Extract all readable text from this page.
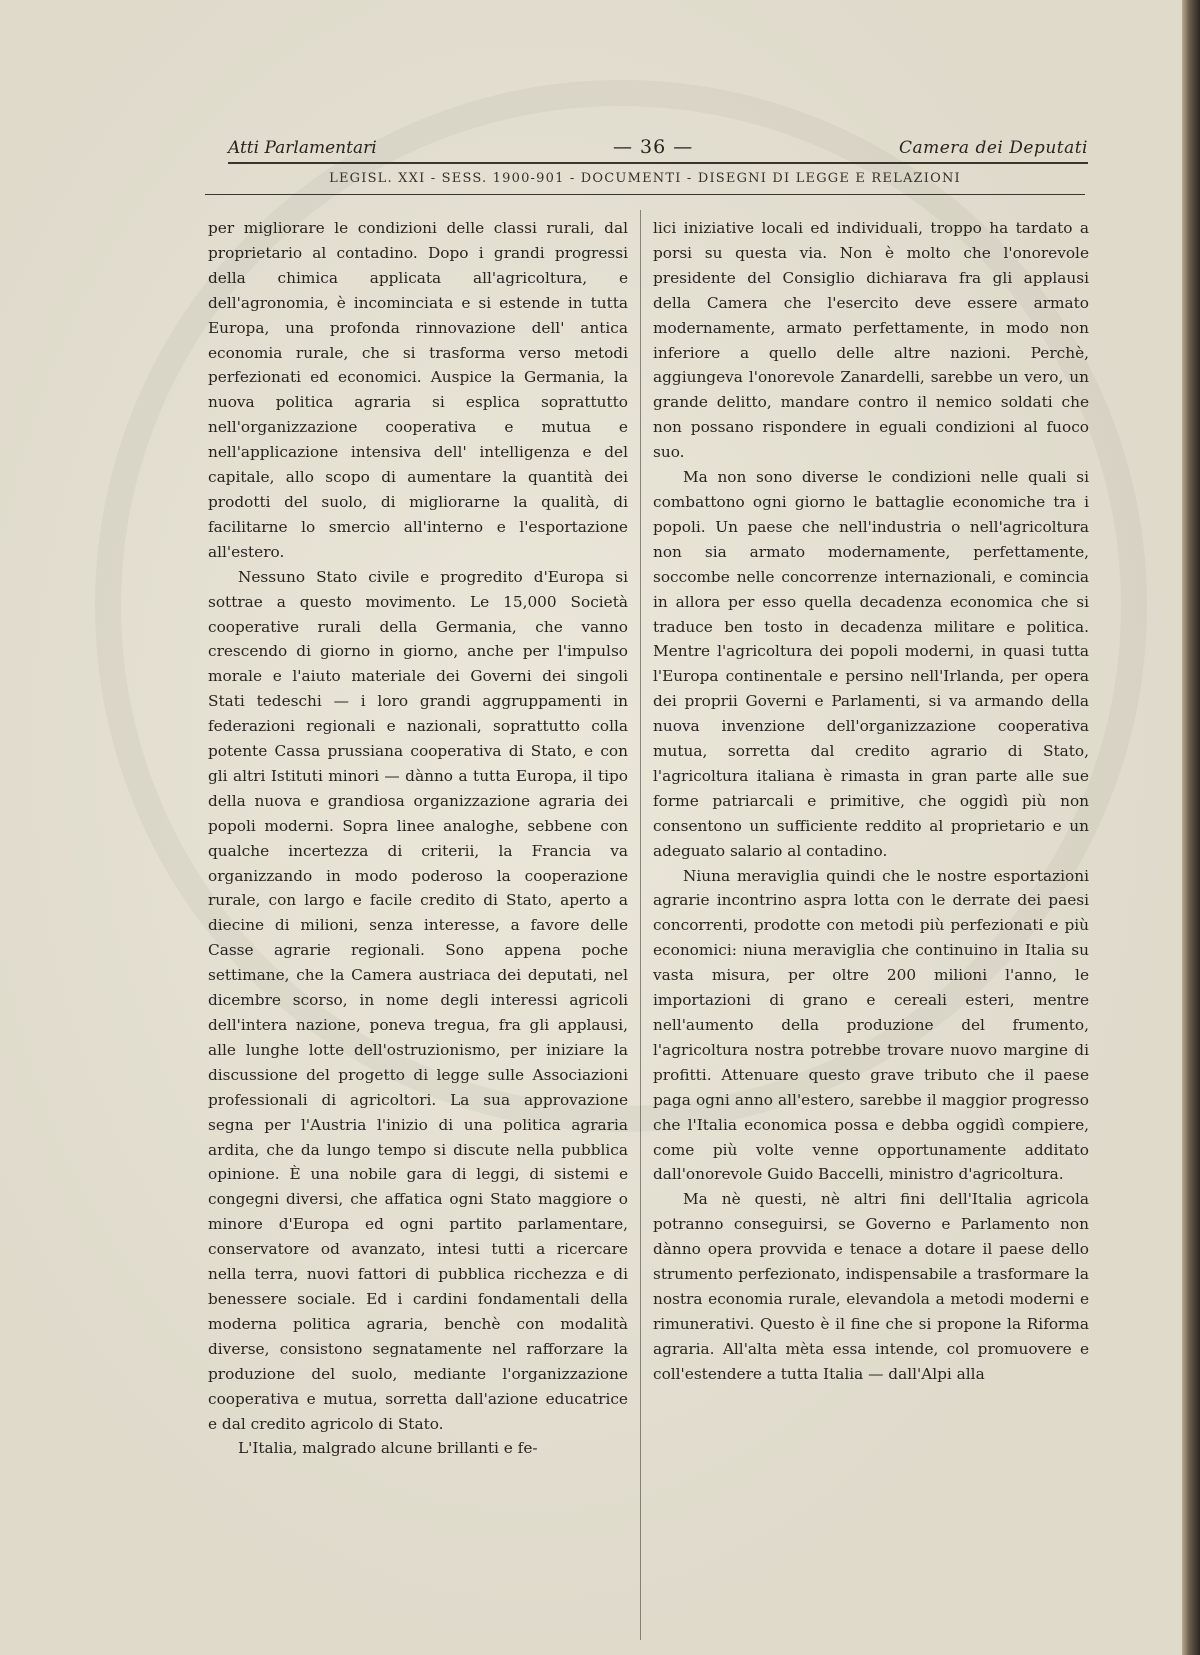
Atti Parlamentari	— 36 —	Camera dei Deputati
LEGISL. XXI - SESS. 1900-901 - DOCUMENTI - DISEGNI DI LEGGE E RELAZIONI

per migliorare le condizioni delle classi rurali, dal proprietario al contadino. Dopo i grandi progressi della chimica applicata all'agricoltura, e dell'agronomia, è incominciata e si estende in tutta Europa, una profonda rinnovazione dell' antica economia rurale, che si trasforma verso metodi perfezionati ed economici. Auspice la Germania, la nuova politica agraria si esplica soprattutto nell'organizzazione cooperativa e mutua e nell'applicazione intensiva dell' intelligenza e del capitale, allo scopo di aumentare la quantità dei prodotti del suolo, di migliorarne la qualità, di facilitarne lo smercio all'interno e l'esportazione all'estero.

Nessuno Stato civile e progredito d'Europa si sottrae a questo movimento. Le 15,000 Società cooperative rurali della Germania, che vanno crescendo di giorno in giorno, anche per l'impulso morale e l'aiuto materiale dei Governi dei singoli Stati tedeschi — i loro grandi aggruppamenti in federazioni regionali e nazionali, soprattutto colla potente Cassa prussiana cooperativa di Stato, e con gli altri Istituti minori — dànno a tutta Europa, il tipo della nuova e grandiosa organizzazione agraria dei popoli moderni. Sopra linee analoghe, sebbene con qualche incertezza di criterii, la Francia va organizzando in modo poderoso la cooperazione rurale, con largo e facile credito di Stato, aperto a diecine di milioni, senza interesse, a favore delle Casse agrarie regionali. Sono appena poche settimane, che la Camera austriaca dei deputati, nel dicembre scorso, in nome degli interessi agricoli dell'intera nazione, poneva tregua, fra gli applausi, alle lunghe lotte dell'ostruzionismo, per iniziare la discussione del progetto di legge sulle Associazioni professionali di agricoltori. La sua approvazione segna per l'Austria l'inizio di una politica agraria ardita, che da lungo tempo si discute nella pubblica opinione. È una nobile gara di leggi, di sistemi e congegni diversi, che affatica ogni Stato maggiore o minore d'Europa ed ogni partito parlamentare, conservatore od avanzato, intesi tutti a ricercare nella terra, nuovi fattori di pubblica ricchezza e di benessere sociale. Ed i cardini fondamentali della moderna politica agraria, benchè con modalità diverse, consistono segnatamente nel rafforzare la produzione del suolo, mediante l'organizzazione cooperativa e mutua, sorretta dall'azione educatrice e dal credito agricolo di Stato.

L'Italia, malgrado alcune brillanti e fe-

lici iniziative locali ed individuali, troppo ha tardato a porsi su questa via. Non è molto che l'onorevole presidente del Consiglio dichiarava fra gli applausi della Camera che l'esercito deve essere armato modernamente, armato perfettamente, in modo non inferiore a quello delle altre nazioni. Perchè, aggiungeva l'onorevole Zanardelli, sarebbe un vero, un grande delitto, mandare contro il nemico soldati che non possano rispondere in eguali condizioni al fuoco suo.

Ma non sono diverse le condizioni nelle quali si combattono ogni giorno le battaglie economiche tra i popoli. Un paese che nell'industria o nell'agricoltura non sia armato modernamente, perfettamente, soccombe nelle concorrenze internazionali, e comincia in allora per esso quella decadenza economica che si traduce ben tosto in decadenza militare e politica. Mentre l'agricoltura dei popoli moderni, in quasi tutta l'Europa continentale e persino nell'Irlanda, per opera dei proprii Governi e Parlamenti, si va armando della nuova invenzione dell'organizzazione cooperativa mutua, sorretta dal credito agrario di Stato, l'agricoltura italiana è rimasta in gran parte alle sue forme patriarcali e primitive, che oggidì più non consentono un sufficiente reddito al proprietario e un adeguato salario al contadino.

Niuna meraviglia quindi che le nostre esportazioni agrarie incontrino aspra lotta con le derrate dei paesi concorrenti, prodotte con metodi più perfezionati e più economici: niuna meraviglia che continuino in Italia su vasta misura, per oltre 200 milioni l'anno, le importazioni di grano e cereali esteri, mentre nell'aumento della produzione del frumento, l'agricoltura nostra potrebbe trovare nuovo margine di profitti. Attenuare questo grave tributo che il paese paga ogni anno all'estero, sarebbe il maggior progresso che l'Italia economica possa e debba oggidì compiere, come più volte venne opportunamente additato dall'onorevole Guido Baccelli, ministro d'agricoltura.

Ma nè questi, nè altri fini dell'Italia agricola potranno conseguirsi, se Governo e Parlamento non dànno opera provvida e tenace a dotare il paese dello strumento perfezionato, indispensabile a trasformare la nostra economia rurale, elevandola a metodi moderni e rimunerativi. Questo è il fine che si propone la Riforma agraria. All'alta mèta essa intende, col promuovere e coll'estendere a tutta Italia — dall'Alpi alla
